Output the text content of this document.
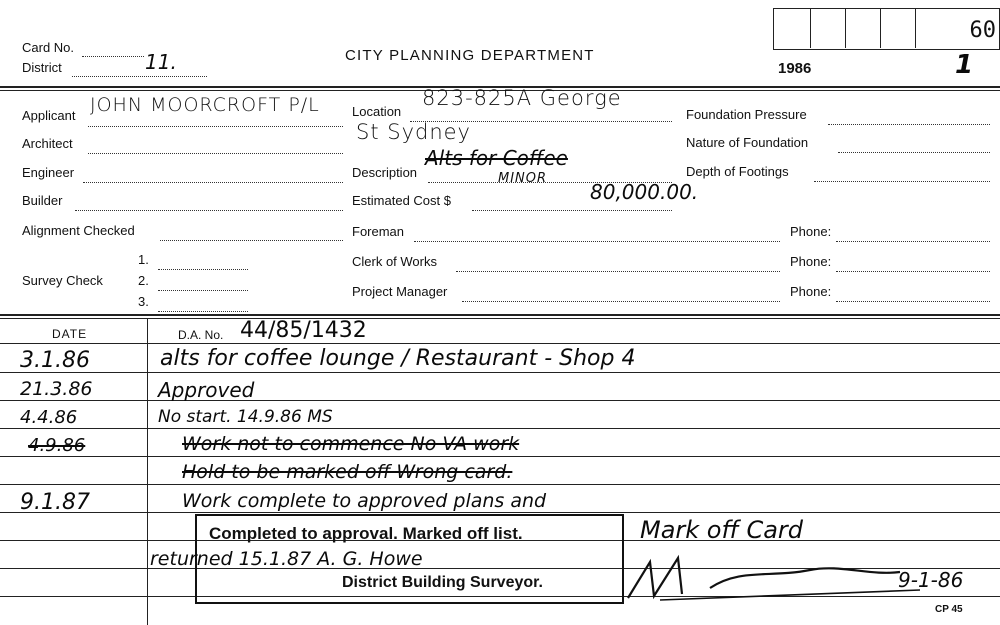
Card No.
District	11.	CITY PLANNING DEPARTMENT
60
1986	1
Applicant JOHN MOORCROFT P/L
Architect
Engineer
Builder
Alignment Checked
Survey Check
1.
2.
3.
Location
823-825A George
St Sydney
Description
Alts for Coffee
MINOR
Estimated Cost $	80,000.00.
Foreman
Clerk of Works
Project Manager
Foundation Pressure
Nature of Foundation
Depth of Footings
Phone:
Phone:
Phone:
DATE	D.A. No. 44/85/1432
3.1.86	alts for coffee lounge / Restaurant - Shop 4
21.3.86	Approved
4.4.86	No start. 14.9.86 MS
4.9.86	Work not to commence No VA work
Hold to be marked off Wrong card.
9.1.87	Work complete to approved plans and
returned 15.1.87 A. G. Howe
Mark off Card
9-1-86
Completed to approval. Marked off list.
District Building Surveyor.
CP 45
